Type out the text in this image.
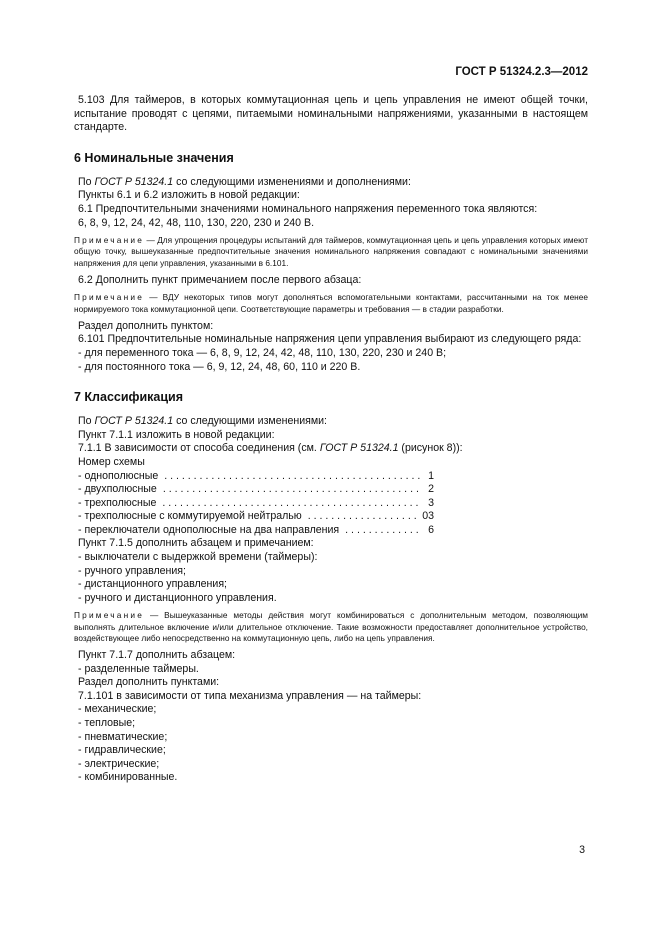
ГОСТ Р 51324.2.3—2012

5.103 Для таймеров, в которых коммутационная цепь и цепь управления не имеют общей точки, испытание проводят с цепями, питаемыми номинальными напряжениями, указанными в настоящем стандарте.

6 Номинальные значения

По ГОСТ Р 51324.1 со следующими изменениями и дополнениями:

Пункты 6.1 и 6.2 изложить в новой редакции:

6.1 Предпочтительными значениями номинального напряжения переменного тока являются:

6, 8, 9, 12, 24, 42, 48, 110, 130, 220, 230 и 240 В.

Примечание — Для упрощения процедуры испытаний для таймеров, коммутационная цепь и цепь управления которых имеют общую точку, вышеуказанные предпочтительные значения номинального напряжения совпадают с номинальными значениями напряжения для цепи управления, указанными в 6.101.

6.2 Дополнить пункт примечанием после первого абзаца:

Примечание — ВДУ некоторых типов могут дополняться вспомогательными контактами, рассчитанными на ток менее нормируемого тока коммутационной цепи. Соответствующие параметры и требования — в стадии разработки.

Раздел дополнить пунктом:

6.101 Предпочтительные номинальные напряжения цепи управления выбирают из следующего ряда:

- для переменного тока — 6, 8, 9, 12, 24, 42, 48, 110, 130, 220, 230 и 240 В;

- для постоянного тока — 6, 9, 12, 24, 48, 60, 110 и 220 В.

7 Классификация

По ГОСТ Р 51324.1 со следующими изменениями:

Пункт 7.1.1 изложить в новой редакции:

7.1.1 В зависимости от способа соединения (см. ГОСТ Р 51324.1 (рисунок 8)):

Номер схемы

- однополюсные . . .	1
- двухполюсные . . .	2
- трехполюсные . . .	3
- трехполюсные с коммутируемой нейтралью . . .	03
- переключатели однополюсные на два направления . . .	6

Пункт 7.1.5 дополнить абзацем и примечанием:

- выключатели с выдержкой времени (таймеры):

- ручного управления;

- дистанционного управления;

- ручного и дистанционного управления.

Примечание — Вышеуказанные методы действия могут комбинироваться с дополнительным методом, позволяющим выполнять длительное включение и/или длительное отключение. Такие возможности предоставляет дополнительное устройство, воздействующее либо непосредственно на коммутационную цепь, либо на цепь управления.

Пункт 7.1.7 дополнить абзацем:

- разделенные таймеры.

Раздел дополнить пунктами:

7.1.101 в зависимости от типа механизма управления — на таймеры:

- механические;

- тепловые;

- пневматические;

- гидравлические;

- электрические;

- комбинированные.

3
